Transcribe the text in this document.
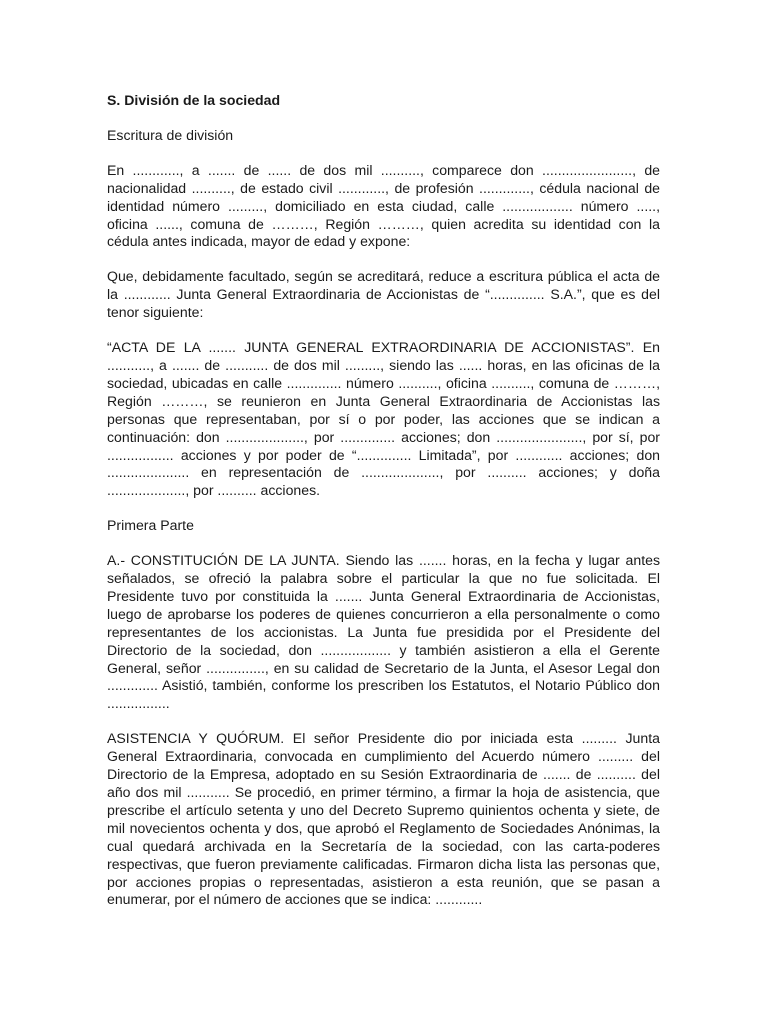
S. División de la sociedad
Escritura de división
En ............, a ....... de ...... de dos mil .........., comparece don ......................., de nacionalidad .........., de estado civil ............, de profesión ............., cédula nacional de identidad número ........., domiciliado en esta ciudad, calle .................. número ....., oficina ......, comuna de ………, Región ………, quien acredita su identidad con la cédula antes indicada, mayor de edad y expone:
Que, debidamente facultado, según se acreditará, reduce a escritura pública el acta de la ............ Junta General Extraordinaria de Accionistas de “.............. S.A.”, que es del tenor siguiente:
“ACTA DE LA ....... JUNTA GENERAL EXTRAORDINARIA DE ACCIONISTAS”. En ..........., a ....... de ........... de dos mil ........., siendo las ...... horas, en las oficinas de la sociedad, ubicadas en calle .............. número .........., oficina .........., comuna de ………, Región ………, se reunieron en Junta General Extraordinaria de Accionistas las personas que representaban, por sí o por poder, las acciones que se indican a continuación: don ...................., por .............. acciones; don ......................, por sí, por ................. acciones y por poder de “.............. Limitada”, por ............ acciones; don ..................... en representación de ...................., por .......... acciones; y doña ...................., por .......... acciones.
Primera Parte
A.- CONSTITUCIÓN DE LA JUNTA. Siendo las ....... horas, en la fecha y lugar antes señalados, se ofreció la palabra sobre el particular la que no fue solicitada. El Presidente tuvo por constituida la ....... Junta General Extraordinaria de Accionistas, luego de aprobarse los poderes de quienes concurrieron a ella personalmente o como representantes de los accionistas. La Junta fue presidida por el Presidente del Directorio de la sociedad, don .................. y también asistieron a ella el Gerente General, señor ..............., en su calidad de Secretario de la Junta, el Asesor Legal don ............. Asistió, también, conforme los prescriben los Estatutos, el Notario Público don ................
ASISTENCIA Y QUÓRUM. El señor Presidente dio por iniciada esta ......... Junta General Extraordinaria, convocada en cumplimiento del Acuerdo número ......... del Directorio de la Empresa, adoptado en su Sesión Extraordinaria de ....... de .......... del año dos mil ........... Se procedió, en primer término, a firmar la hoja de asistencia, que prescribe el artículo setenta y uno del Decreto Supremo quinientos ochenta y siete, de mil novecientos ochenta y dos, que aprobó el Reglamento de Sociedades Anónimas, la cual quedará archivada en la Secretaría de la sociedad, con las carta-poderes respectivas, que fueron previamente calificadas. Firmaron dicha lista las personas que, por acciones propias o representadas, asistieron a esta reunión, que se pasan a enumerar, por el número de acciones que se indica: ............
